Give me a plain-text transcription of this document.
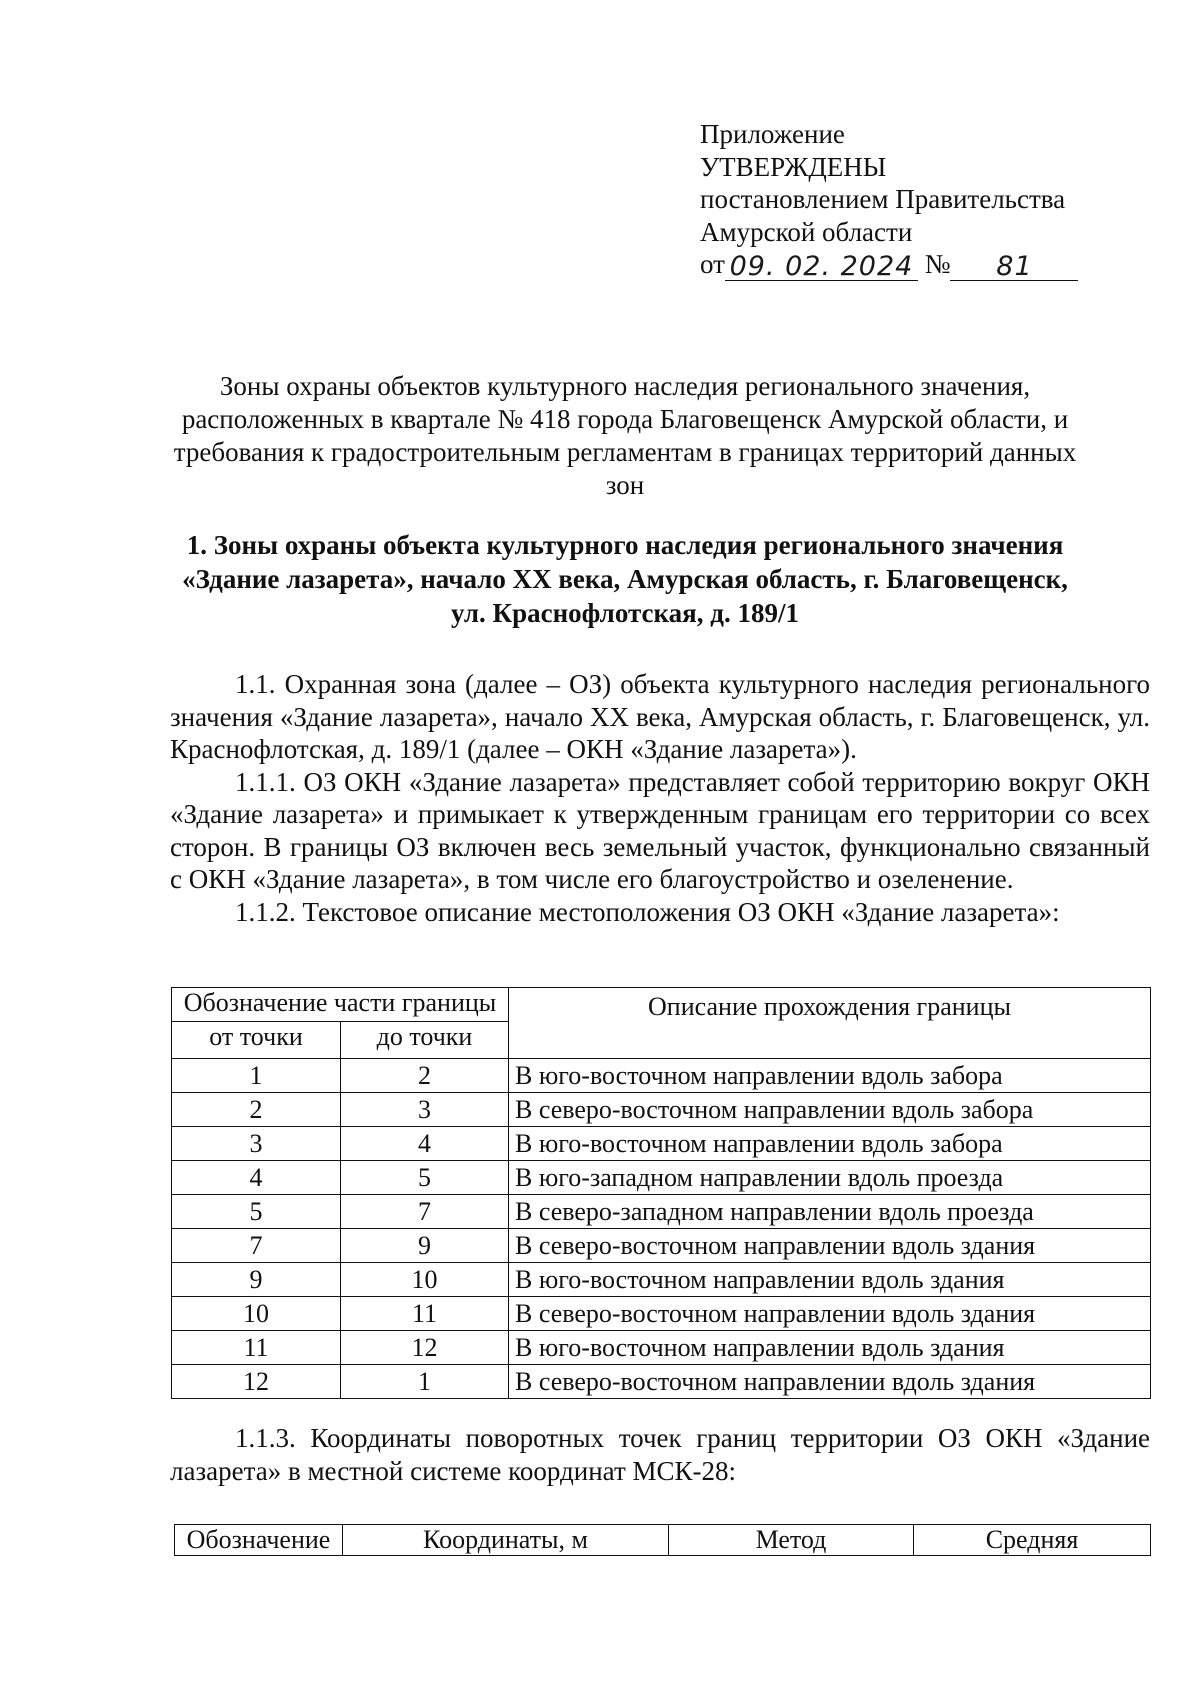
Приложение
УТВЕРЖДЕНЫ
постановлением Правительства
Амурской области
от 09. 02. 2024 № 81
Зоны охраны объектов культурного наследия регионального значения,
расположенных в квартале № 418 города Благовещенск Амурской области, и
требования к градостроительным регламентам в границах территорий данных
зон
1. Зоны охраны объекта культурного наследия регионального значения
«Здание лазарета», начало XX века, Амурская область, г. Благовещенск,
ул. Краснофлотская, д. 189/1

1.1. Охранная зона (далее – ОЗ) объекта культурного наследия регионального значения «Здание лазарета», начало XX века, Амурская область, г. Благовещенск, ул. Краснофлотская, д. 189/1 (далее – ОКН «Здание лазарета»).

1.1.1. ОЗ ОКН «Здание лазарета» представляет собой территорию вокруг ОКН «Здание лазарета» и примыкает к утвержденным границам его территории со всех сторон. В границы ОЗ включен весь земельный участок, функционально связанный с ОКН «Здание лазарета», в том числе его благоустройство и озеленение.

1.1.2. Текстовое описание местоположения ОЗ ОКН «Здание лазарета»:

Обозначение части границы		Описание прохождения границы
от точки	до точки	
1	2	В юго-восточном направлении вдоль забора
2	3	В северо-восточном направлении вдоль забора
3	4	В юго-восточном направлении вдоль забора
4	5	В юго-западном направлении вдоль проезда
5	7	В северо-западном направлении вдоль проезда
7	9	В северо-восточном направлении вдоль здания
9	10	В юго-восточном направлении вдоль здания
10	11	В северо-восточном направлении вдоль здания
11	12	В юго-восточном направлении вдоль здания
12	1	В северо-восточном направлении вдоль здания

1.1.3. Координаты поворотных точек границ территории ОЗ ОКН «Здание лазарета» в местной системе координат МСК-28:

Обозначение	Координаты, м	Метод	Средняя
